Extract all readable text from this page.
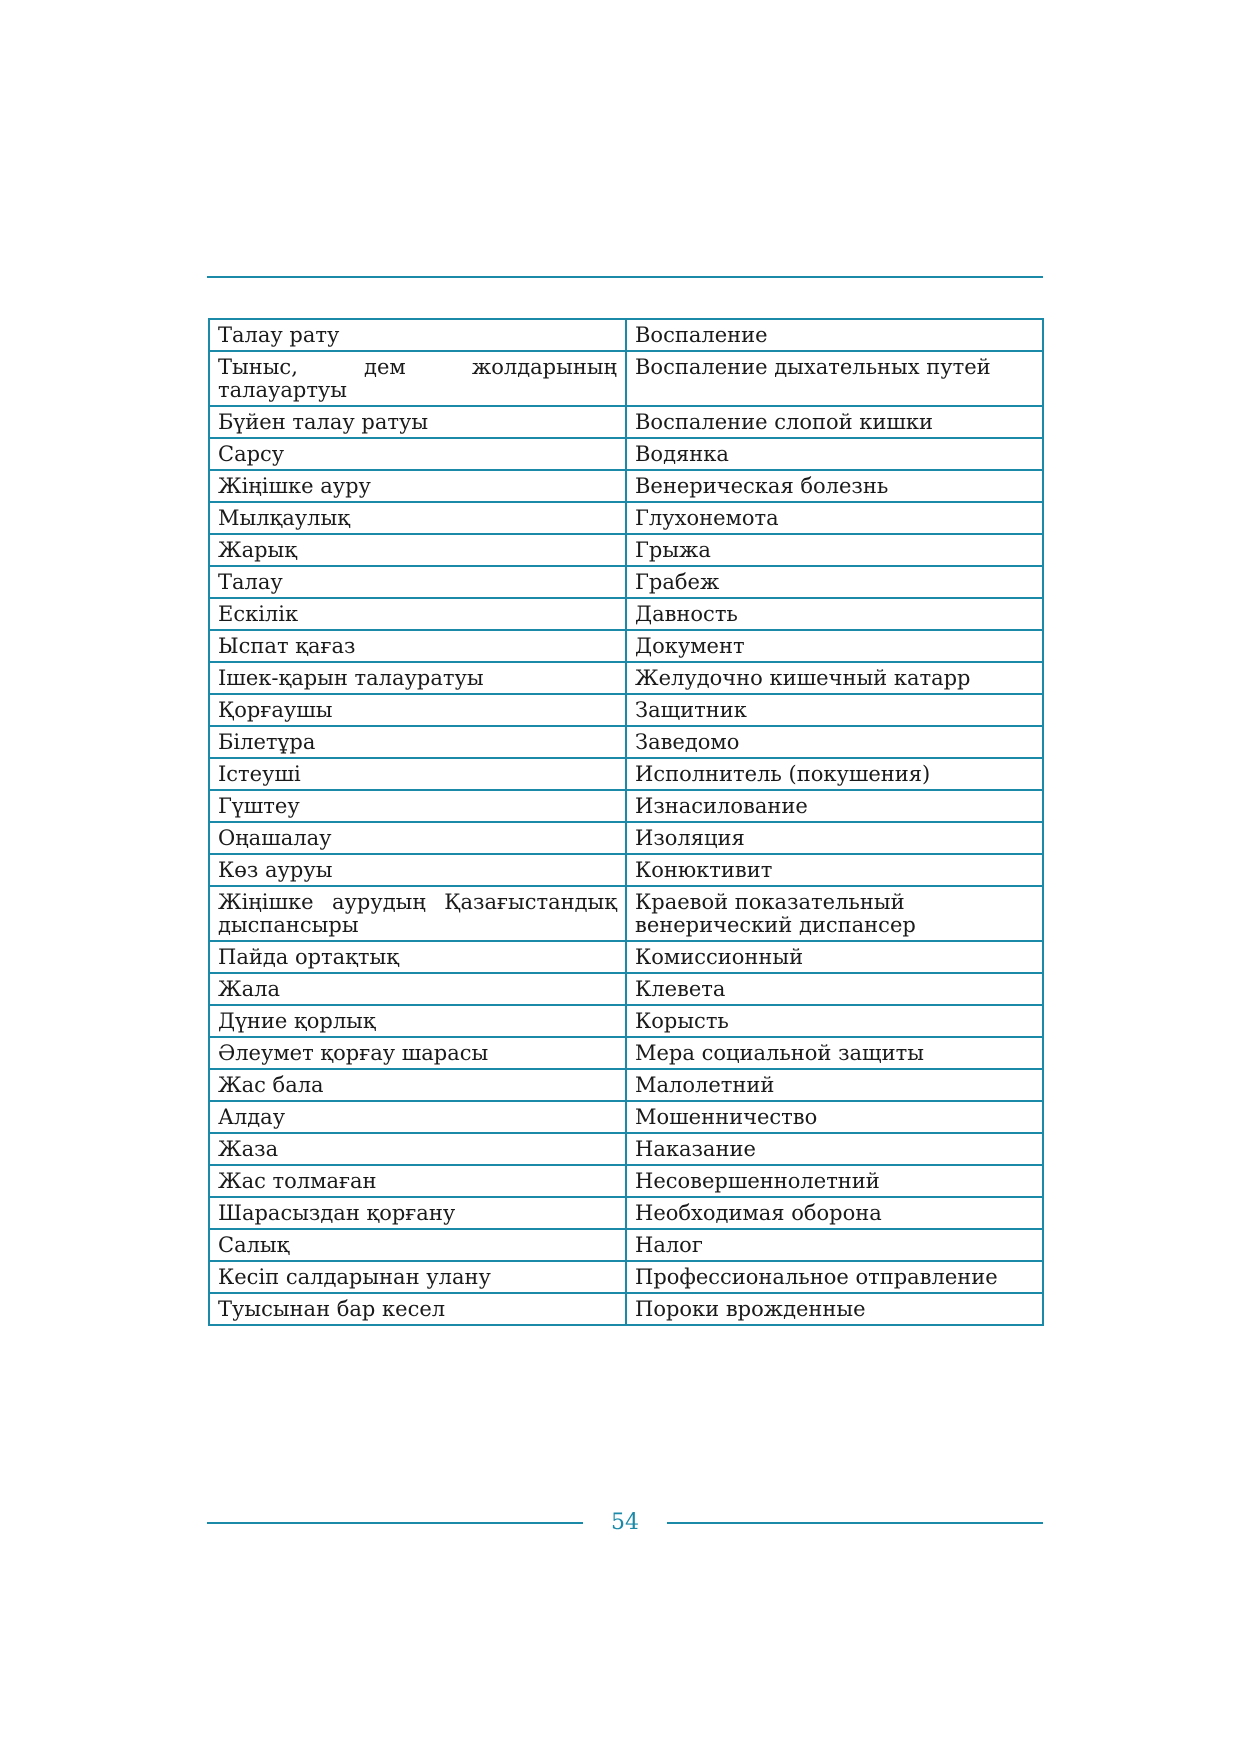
Талау рату	Воспаление
Тыныс, дем жолдарының талауартуы	Воспаление дыхательных путей
Бүйен талау ратуы	Воспаление слопой кишки
Сарсу	Водянка
Жіңішке ауру	Венерическая болезнь
Мылқаулық	Глухонемота
Жарық	Грыжа
Талау	Грабеж
Ескілік	Давность
Ыспат қағаз	Документ
Ішек-қарын талауратуы	Желудочно кишечный катарр
Қорғаушы	Защитник
Білетұра	Заведомо
Істеуші	Исполнитель (покушения)
Гүштеу	Изнасилование
Оңашалау	Изоляция
Көз ауруы	Конюктивит
Жіңішке аурудың Қазағыстандық дыспансыры	Краевой показательный венерический диспансер
Пайда ортақтық	Комиссионный
Жала	Клевета
Дүние қорлық	Корысть
Әлеумет қорғау шарасы	Мера социальной защиты
Жас бала	Малолетний
Алдау	Мошенничество
Жаза	Наказание
Жас толмаған	Несовершеннолетний
Шарасыздан қорғану	Необходимая оборона
Салық	Налог
Кесіп салдарынан улану	Профессиональное отправление
Туысынан бар кесел	Пороки врожденные
54
